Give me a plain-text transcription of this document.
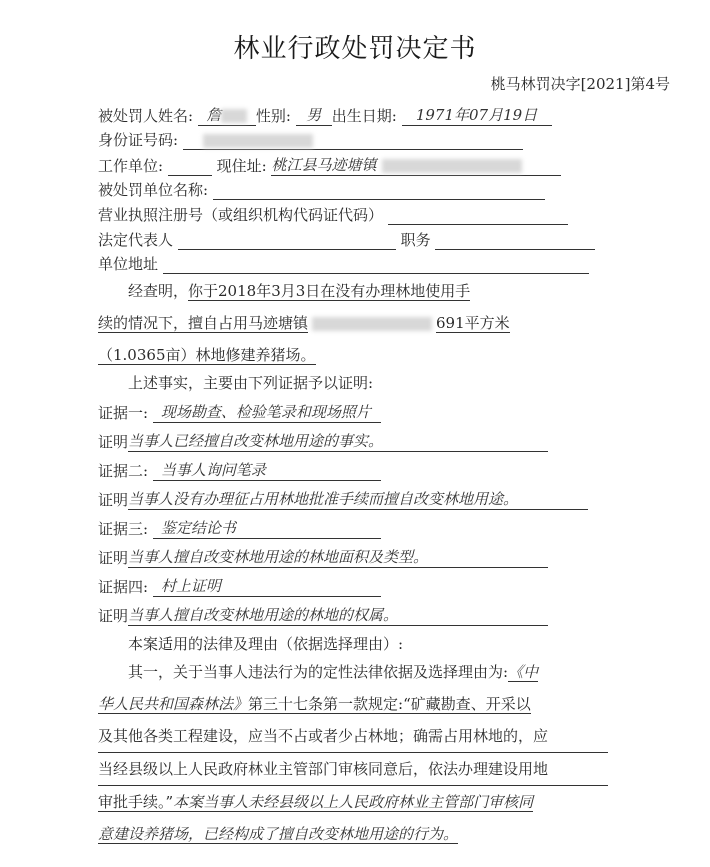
林业行政处罚决定书
桃马林罚决字[2021]第4号
被处罚人姓名: 詹 性别: 男 出生日期: 1971年07月19日
身份证号码:
工作单位:	现住址: 桃江县马迹塘镇
被处罚单位名称:
营业执照注册号（或组织机构代码证代码）
法定代表人	职务
单位地址
经查明，你于2018年3月3日在没有办理林地使用手
续的情况下，擅自占用马迹塘镇	691平方米
（1.0365亩）林地修建养猪场。
上述事实，主要由下列证据予以证明:
证据一: 现场勘查、检验笔录和现场照片
证明当事人已经擅自改变林地用途的事实。
证据二: 当事人询问笔录
证明当事人没有办理征占用林地批准手续而擅自改变林地用途。
证据三: 鉴定结论书
证明当事人擅自改变林地用途的林地面积及类型。
证据四: 村上证明
证明当事人擅自改变林地用途的林地的权属。
本案适用的法律及理由（依据选择理由）:
其一，关于当事人违法行为的定性法律依据及选择理由为:《中
华人民共和国森林法》第三十七条第一款规定:“矿藏勘查、开采以
及其他各类工程建设，应当不占或者少占林地；确需占用林地的，应
当经县级以上人民政府林业主管部门审核同意后，依法办理建设用地
审批手续。”本案当事人未经县级以上人民政府林业主管部门审核同
意建设养猪场，已经构成了擅自改变林地用途的行为。
